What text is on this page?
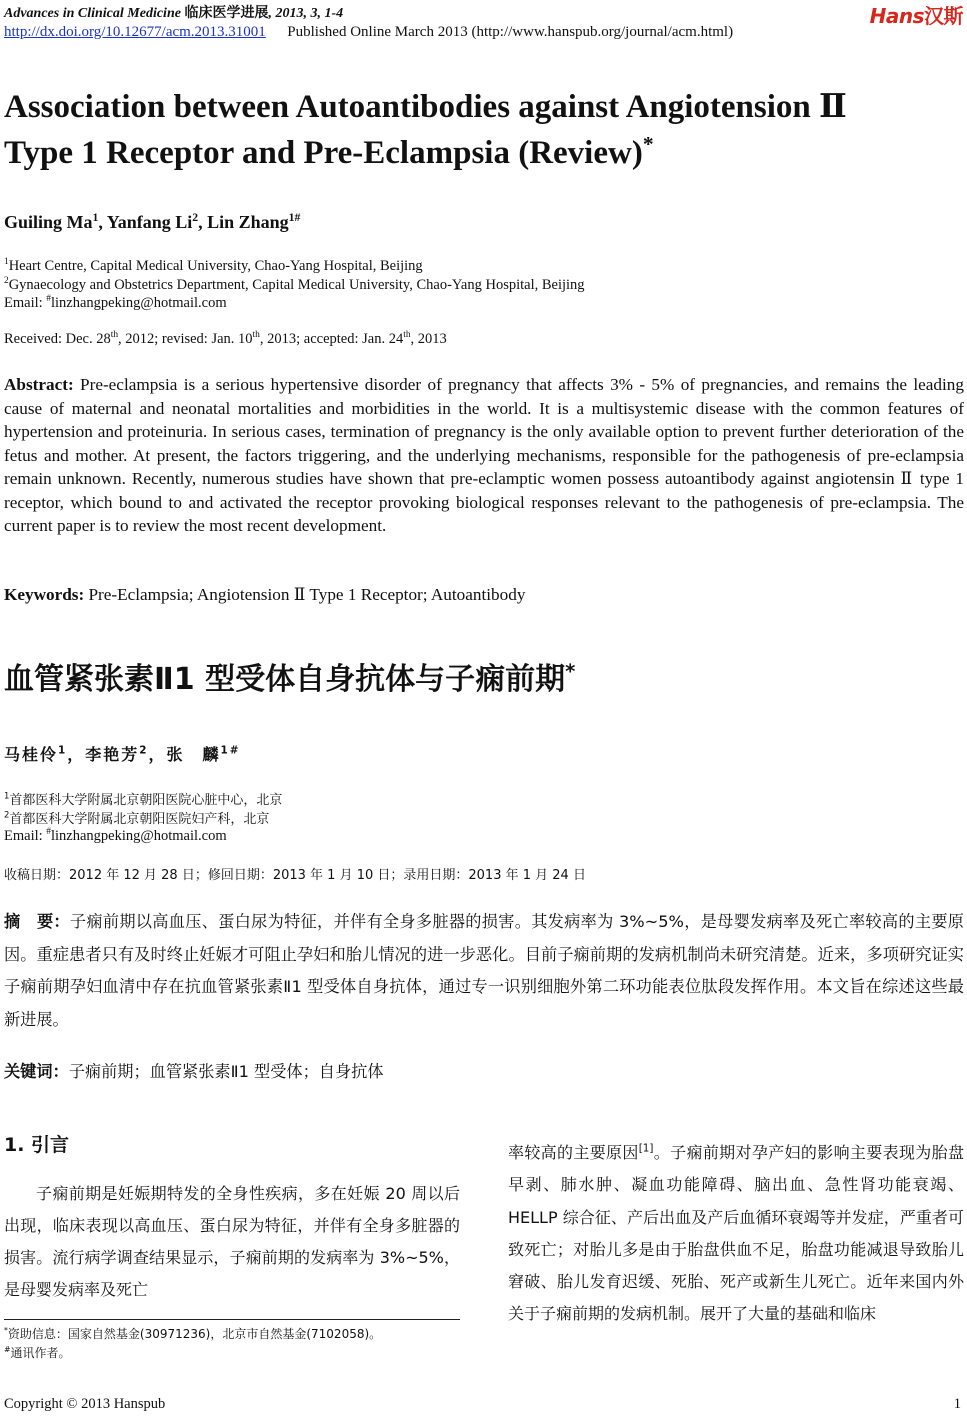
Advances in Clinical Medicine 临床医学进展, 2013, 3, 1-4	Hans汉斯
http://dx.doi.org/10.12677/acm.2013.31001 Published Online March 2013 (http://www.hanspub.org/journal/acm.html)
Association between Autoantibodies against Angiotension Ⅱ
Type 1 Receptor and Pre-Eclampsia (Review)*
Guiling Ma$^1$, Yanfang Li$^2$, Lin Zhang$^{1\#}$
$^1$Heart Centre, Capital Medical University, Chao-Yang Hospital, Beijing
$^2$Gynaecology and Obstetrics Department, Capital Medical University, Chao-Yang Hospital, Beijing
Email: #linzhangpeking@hotmail.com
Received: Dec. 28th, 2012; revised: Jan. 10th, 2013; accepted: Jan. 24th, 2013
Abstract: Pre-eclampsia is a serious hypertensive disorder of pregnancy that affects 3% - 5% of pregnancies, and remains the leading cause of maternal and neonatal mortalities and morbidities in the world. It is a multisystemic disease with the common features of hypertension and proteinuria. In serious cases, termination of pregnancy is the only available option to prevent further deterioration of the fetus and mother. At present, the factors triggering, and the underlying mechanisms, responsible for the pathogenesis of pre-eclampsia remain unknown. Recently, numerous studies have shown that pre-eclamptic women possess autoantibody against angiotensin Ⅱ type 1 receptor, which bound to and activated the receptor provoking biological responses relevant to the pathogenesis of pre-eclampsia. The current paper is to review the most recent development.
Keywords: Pre-Eclampsia; Angiotension Ⅱ Type 1 Receptor; Autoantibody
血管紧张素Ⅱ1 型受体自身抗体与子痫前期*
马桂伶$^1$，李艳芳$^2$，张　麟$^{1\#}$
$^1$首都医科大学附属北京朝阳医院心脏中心，北京
$^2$首都医科大学附属北京朝阳医院妇产科，北京
Email: #linzhangpeking@hotmail.com
收稿日期：2012 年 12 月 28 日；修回日期：2013 年 1 月 10 日；录用日期：2013 年 1 月 24 日
摘　要：子痫前期以高血压、蛋白尿为特征，并伴有全身多脏器的损害。其发病率为 3%~5%，是母婴发病率及死亡率较高的主要原因。重症患者只有及时终止妊娠才可阻止孕妇和胎儿情况的进一步恶化。目前子痫前期的发病机制尚未研究清楚。近来，多项研究证实子痫前期孕妇血清中存在抗血管紧张素Ⅱ1 型受体自身抗体，通过专一识别细胞外第二环功能表位肽段发挥作用。本文旨在综述这些最新进展。
关键词：子痫前期；血管紧张素Ⅱ1 型受体；自身抗体
1. 引言
子痫前期是妊娠期特发的全身性疾病，多在妊娠 20 周以后出现，临床表现以高血压、蛋白尿为特征，并伴有全身多脏器的损害。流行病学调查结果显示，子痫前期的发病率为 3%~5%，是母婴发病率及死亡
率较高的主要原因[1]。子痫前期对孕产妇的影响主要表现为胎盘早剥、肺水肿、凝血功能障碍、脑出血、急性肾功能衰竭、HELLP 综合征、产后出血及产后血循环衰竭等并发症，严重者可致死亡；对胎儿多是由于胎盘供血不足，胎盘功能减退导致胎儿窘破、胎儿发育迟缓、死胎、死产或新生儿死亡。近年来国内外关于子痫前期的发病机制。展开了大量的基础和临床
*资助信息：国家自然基金(30971236)，北京市自然基金(7102058)。
#通讯作者。
Copyright © 2013 Hanspub	1
